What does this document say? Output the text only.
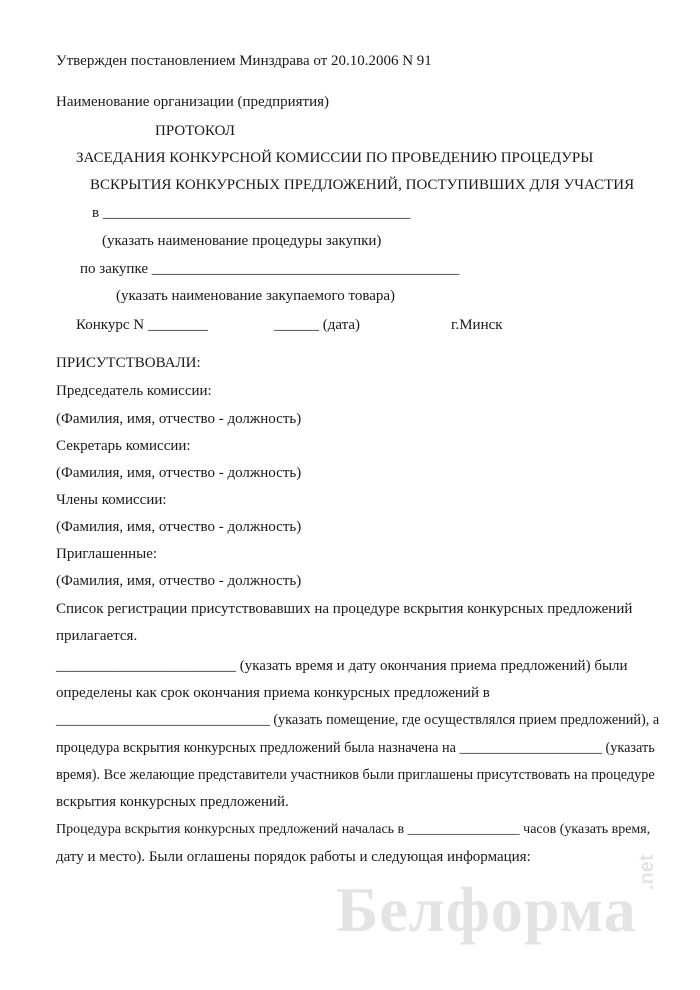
Утвержден постановлением Минздрава от 20.10.2006 N 91
Наименование организации (предприятия)
ПРОТОКОЛ
ЗАСЕДАНИЯ КОНКУРСНОЙ КОМИССИИ ПО ПРОВЕДЕНИЮ ПРОЦЕДУРЫ
ВСКРЫТИЯ КОНКУРСНЫХ ПРЕДЛОЖЕНИЙ, ПОСТУПИВШИХ ДЛЯ УЧАСТИЯ
в _________________________________________
(указать наименование процедуры закупки)
по закупке _________________________________________
(указать наименование закупаемого товара)
Конкурс N ________	______ (дата)	г.Минск
ПРИСУТСТВОВАЛИ:
Председатель комиссии:
(Фамилия, имя, отчество - должность)
Секретарь комиссии:
(Фамилия, имя, отчество - должность)
Члены комиссии:
(Фамилия, имя, отчество - должность)
Приглашенные:
(Фамилия, имя, отчество - должность)
Список регистрации присутствовавших на процедуре вскрытия конкурсных предложений
прилагается.
________________________ (указать время и дату окончания приема предложений) были
определены как срок окончания приема конкурсных предложений в
______________________________ (указать помещение, где осуществлялся прием предложений), а
процедура вскрытия конкурсных предложений была назначена на ____________________ (указать
время). Все желающие представители участников были приглашены присутствовать на процедуре
вскрытия конкурсных предложений.
Процедура вскрытия конкурсных предложений началась в ________________ часов (указать время,
дату и место). Были оглашены порядок работы и следующая информация:
Белформа
.net
